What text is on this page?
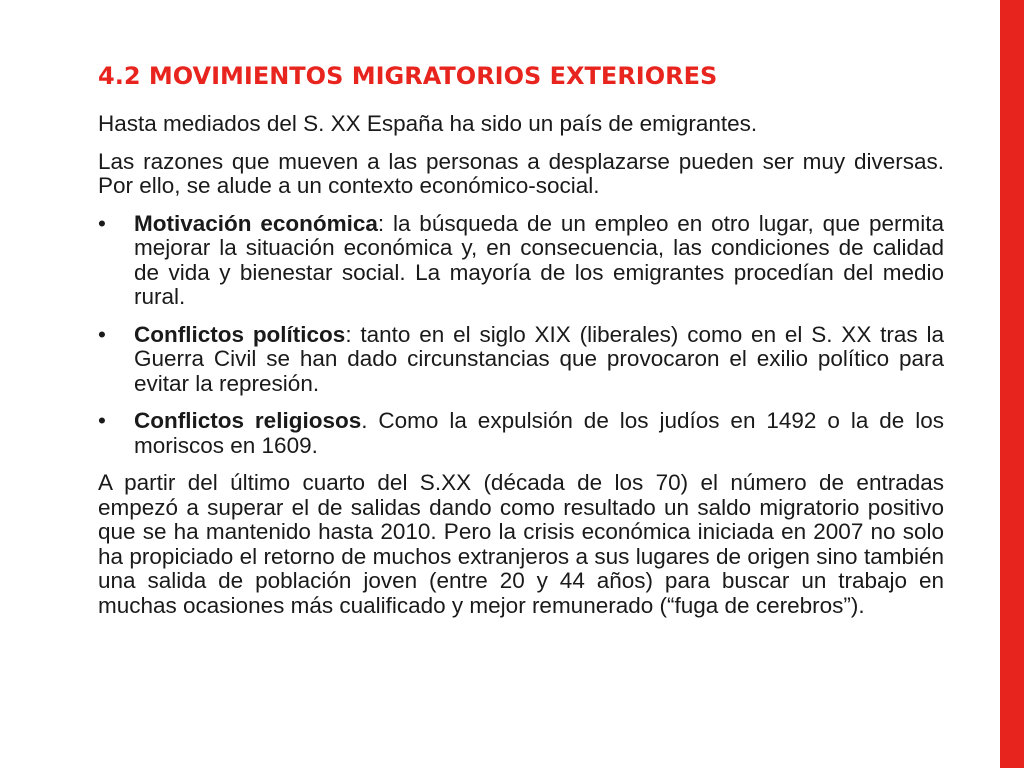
4.2 MOVIMIENTOS MIGRATORIOS EXTERIORES

Hasta mediados del S. XX España ha sido un país de emigrantes.

Las razones que mueven a las personas a desplazarse pueden ser muy diversas. Por ello, se alude a un contexto económico-social.

•	Motivación económica: la búsqueda de un empleo en otro lugar, que permita mejorar la situación económica y, en consecuencia, las condiciones de calidad de vida y bienestar social. La mayoría de los emigrantes procedían del medio rural.
•	Conflictos políticos: tanto en el siglo XIX (liberales) como en el S. XX tras la Guerra Civil se han dado circunstancias que provocaron el exilio político para evitar la represión.
•	Conflictos religiosos. Como la expulsión de los judíos en 1492 o la de los moriscos en 1609.

A partir del último cuarto del S.XX (década de los 70) el número de entradas empezó a superar el de salidas dando como resultado un saldo migratorio positivo que se ha mantenido hasta 2010. Pero la crisis económica iniciada en 2007 no solo ha propiciado el retorno de muchos extranjeros a sus lugares de origen sino también una salida de población joven (entre 20 y 44 años) para buscar un trabajo en muchas ocasiones más cualificado y mejor remunerado (“fuga de cerebros”).
